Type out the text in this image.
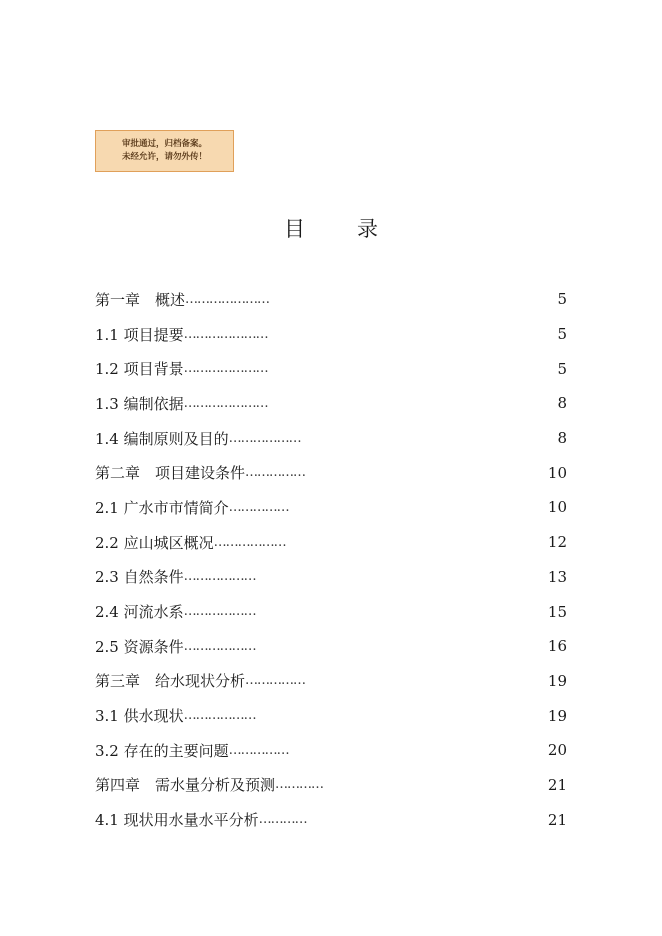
审批通过，归档备案。
未经允许，请勿外传！
目 录
第一章　概述 …………………	5
1.1 项目提要 …………………	5
1.2 项目背景 …………………	5
1.3 编制依据 …………………	8
1.4 编制原则及目的 ………………	8
第二章　项目建设条件 ……………	10
2.1 广水市市情简介 ……………	10
2.2 应山城区概况 ………………	12
2.3 自然条件 ………………	13
2.4 河流水系 ………………	15
2.5 资源条件 ………………	16
第三章　给水现状分析 ……………	19
3.1 供水现状 ………………	19
3.2 存在的主要问题 ……………	20
第四章　需水量分析及预测 …………	21
4.1 现状用水量水平分析 …………	21
